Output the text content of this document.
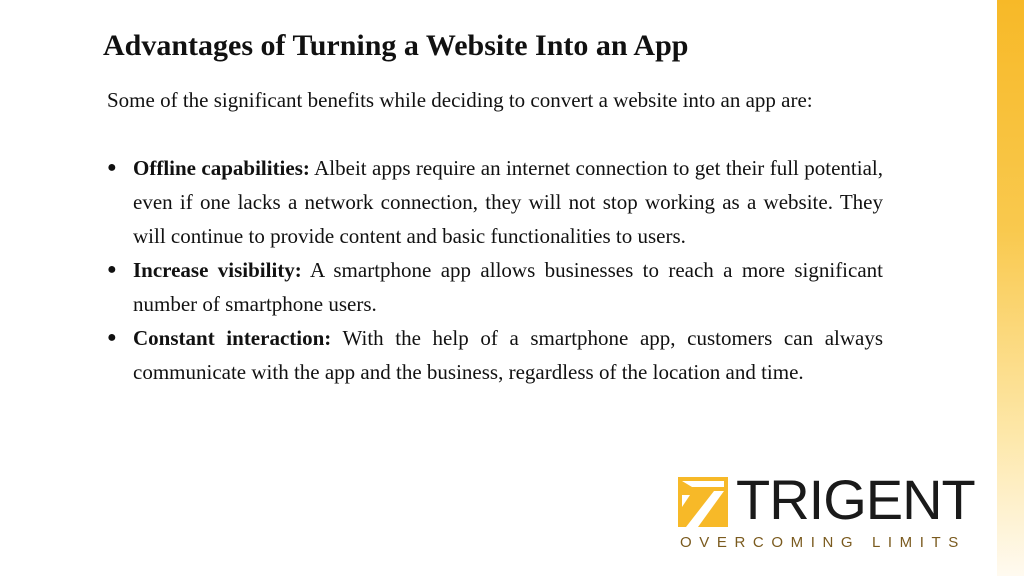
Advantages of Turning a Website Into an App

Some of the significant benefits while deciding to convert a website into an app are:

● Offline capabilities: Albeit apps require an internet connection to get their full potential, even if one lacks a network connection, they will not stop working as a website. They will continue to provide content and basic functionalities to users.
● Increase visibility: A smartphone app allows businesses to reach a more significant number of smartphone users.
● Constant interaction: With the help of a smartphone app, customers can always communicate with the app and the business, regardless of the location and time.
TRIGENT
OVERCOMING LIMITS
